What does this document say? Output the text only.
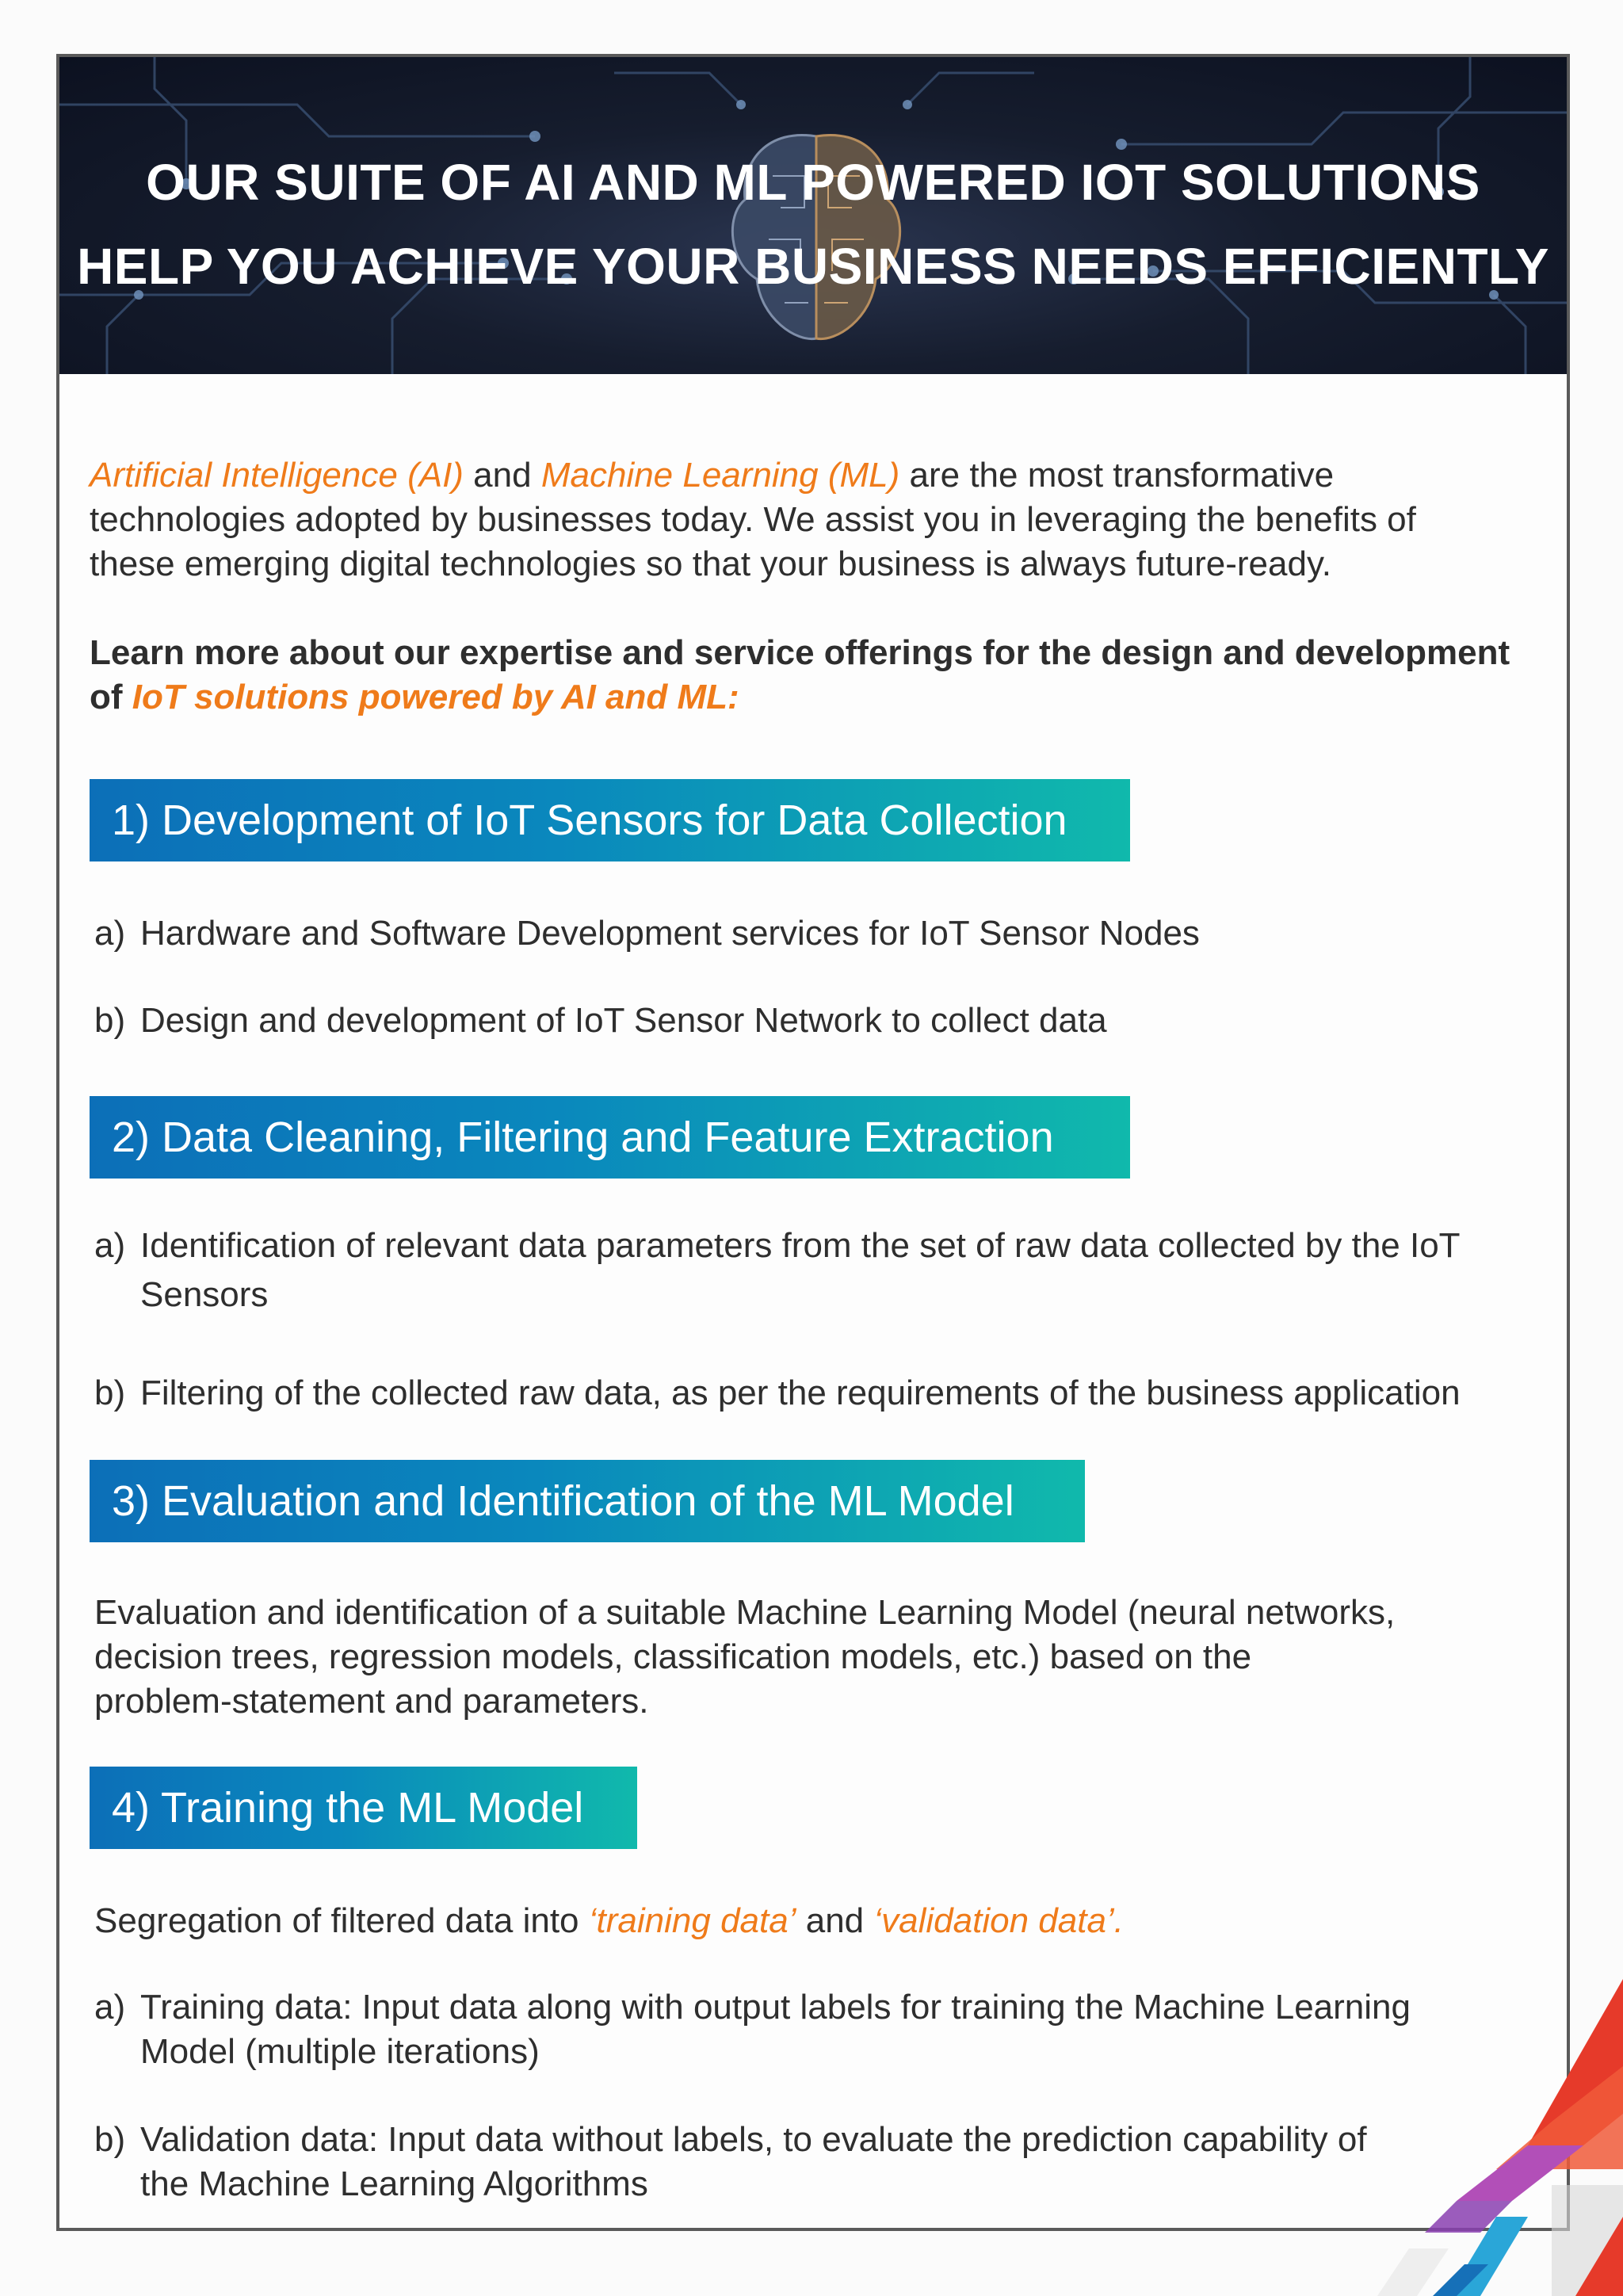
OUR SUITE OF AI AND ML POWERED IOT SOLUTIONS
HELP YOU ACHIEVE YOUR BUSINESS NEEDS EFFICIENTLY

Artificial Intelligence (AI) and Machine Learning (ML) are the most transformative

technologies adopted by businesses today. We assist you in leveraging the benefits of

these emerging digital technologies so that your business is always future-ready.

Learn more about our expertise and service offerings for the design and development

of IoT solutions powered by AI and ML:

1) Development of IoT Sensors for Data Collection
a) Hardware and Software Development services for IoT Sensor Nodes
b) Design and development of IoT Sensor Network to collect data
2) Data Cleaning, Filtering and Feature Extraction
a) Identification of relevant data parameters from the set of raw data collected by the IoT
Sensors
b) Filtering of the collected raw data, as per the requirements of the business application
3) Evaluation and Identification of the ML Model

Evaluation and identification of a suitable Machine Learning Model (neural networks,

decision trees, regression models, classification models, etc.) based on the

problem-statement and parameters.

4) Training the ML Model

Segregation of filtered data into ‘training data’ and ‘validation data’.

a) Training data: Input data along with output labels for training the Machine Learning
Model (multiple iterations)
b) Validation data: Input data without labels, to evaluate the prediction capability of
the Machine Learning Algorithms
